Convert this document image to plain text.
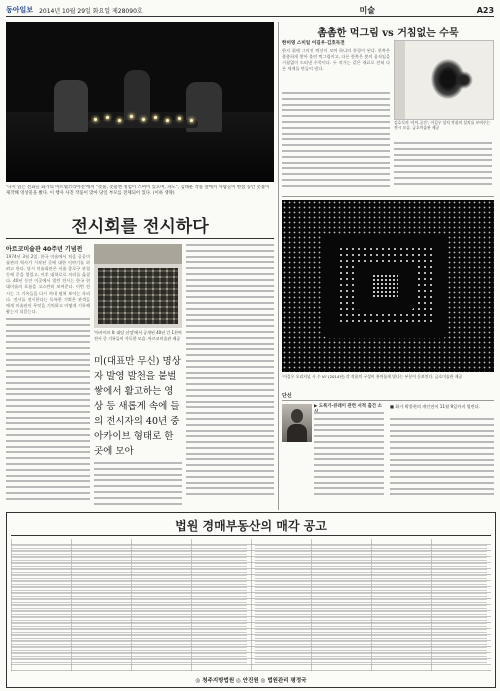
동아일보 2014년 10월 29일 화요일 제28090호	미술	A23
'다시 읽는 전화들 화가의 아트랩코리아전'에서 "촛불, 촛불엔 정엄이 스며이 있으며, 파도", 김태운 작품 앞에서 사람들이 한참 동안 촛불이 제작해 영상물을 봤다. 이 행사 사진 작품이 맞아 당일 부모를 전체되어 있다. (이하 생략)
전시회를 전시하다
아르코미술관 40주년 기념전
1974년 3월 2일. 한국 미술에서 처음 공공미술관의 역사가 시작된 곳에 대한 이야기를 하려고 한다. 당시 미술회관은 서울 종로구 관철동에 문을 열었고, 이후 대학로로 자리를 옮겼다. 40년 동안 이곳에서 열린 전시는 한국 현대미술의 흐름을 고스란히 보여준다. 이번 전시는 그 기록들을 다시 꺼내 펼쳐 보이는 자리다. 전시를 전시한다는 독특한 기획은 관객들에게 미술관이 무엇을 기억하고 어떻게 기록해 왔는지 되묻는다.
'아카이브 Ⅱ: 대담 선정'에서 공개된 40년 간 1천여 전시 중 기록들이 가득한 모습. 아르코미술관 제공
미(대표만 무신) 명상자 발영 발천을 붙벌 쌓에서 활고하는 영상 등 새롭게 속에 들의 전시자의 40년 중 아카이브 형태로 한곳에 모아
촘촘한 먹그림 vs 거침없는 수묵
한미영 스미일 이길우·김호득전
한지 위에 그어진 먹선이 모여 하나의 풍경이 된다. 한쪽은 촘촘하게 쌓아 올린 먹그림이고, 다른 한쪽은 붓의 움직임을 거침없이 드러낸 수묵이다. 두 작가는 같은 재료로 전혀 다른 세계를 만들어 낸다.
김호득의 '사이-공간', 이길우 설치 작품의 설치를 보여주는 전시 모습. 금호미술관 제공
'이길우 오리지널 시 수 VI' (2014년) 각 작품의 구성이 흥미롭게 빛나는 부분이 돋보인다. 금호미술관 제공
단신
▶ 도록가·큐레이 관련 서적 출간 소	■ 화가 박종현의 개인전이 11월 9일까지 열린다.
법원 경매부동산의 매각 공고
◎ 청주지방법원 ◎ 안진원 ◎ 법원관리 평정국
